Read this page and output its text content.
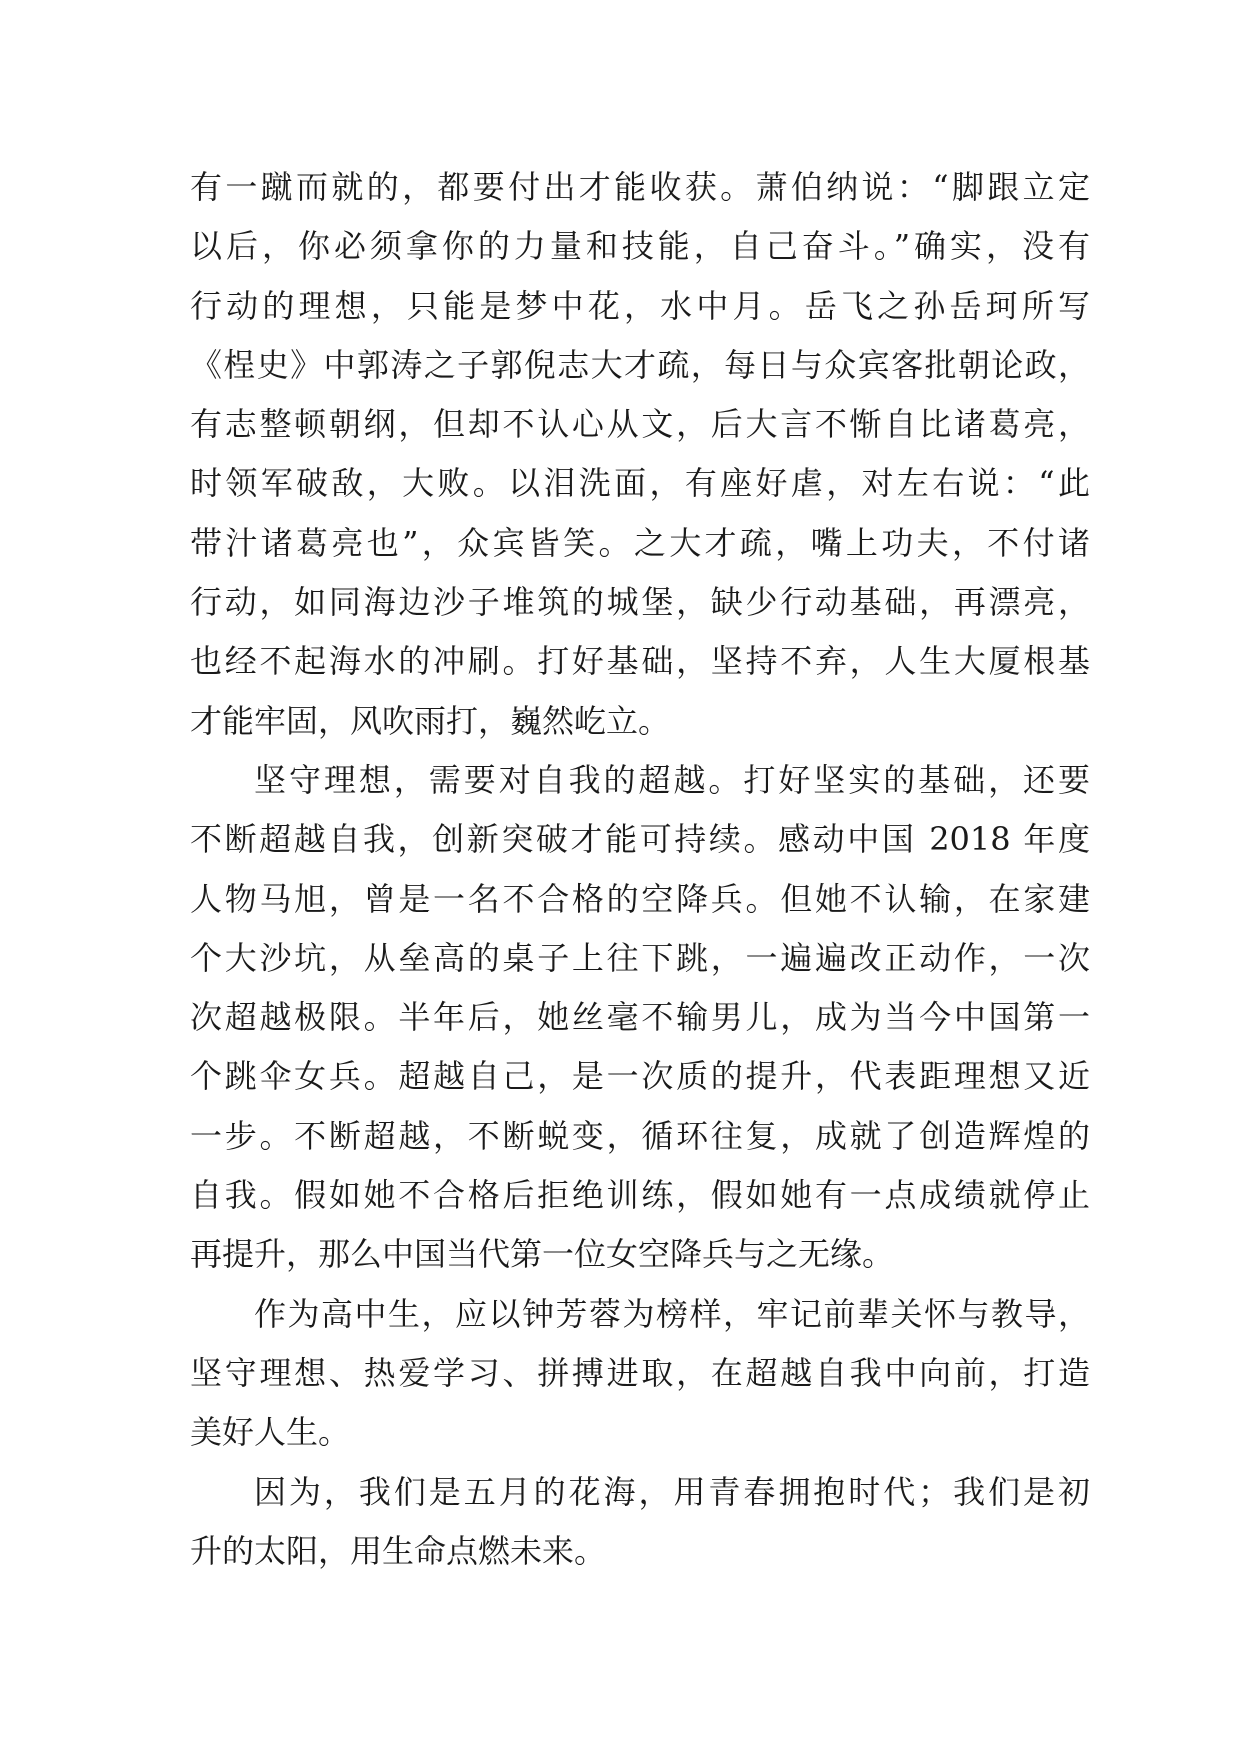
有一蹴而就的，都要付出才能收获。萧伯纳说：“脚跟立定
以后，你必须拿你的力量和技能，自己奋斗。”确实，没有
行动的理想，只能是梦中花，水中月。岳飞之孙岳珂所写
《桯史》中郭涛之子郭倪志大才疏，每日与众宾客批朝论政，
有志整顿朝纲，但却不认心从文，后大言不惭自比诸葛亮，
时领军破敌，大败。以泪洗面，有座好虐，对左右说：“此
带汁诸葛亮也”，众宾皆笑。之大才疏，嘴上功夫，不付诸
行动，如同海边沙子堆筑的城堡，缺少行动基础，再漂亮，
也经不起海水的冲刷。打好基础，坚持不弃，人生大厦根基
才能牢固，风吹雨打，巍然屹立。
坚守理想，需要对自我的超越。打好坚实的基础，还要
不断超越自我，创新突破才能可持续。感动中国 2018 年度
人物马旭，曾是一名不合格的空降兵。但她不认输，在家建
个大沙坑，从垒高的桌子上往下跳，一遍遍改正动作，一次
次超越极限。半年后，她丝毫不输男儿，成为当今中国第一
个跳伞女兵。超越自己，是一次质的提升，代表距理想又近
一步。不断超越，不断蜕变，循环往复，成就了创造辉煌的
自我。假如她不合格后拒绝训练，假如她有一点成绩就停止
再提升，那么中国当代第一位女空降兵与之无缘。
作为高中生，应以钟芳蓉为榜样，牢记前辈关怀与教导，
坚守理想、热爱学习、拼搏进取，在超越自我中向前，打造
美好人生。
因为，我们是五月的花海，用青春拥抱时代；我们是初
升的太阳，用生命点燃未来。
